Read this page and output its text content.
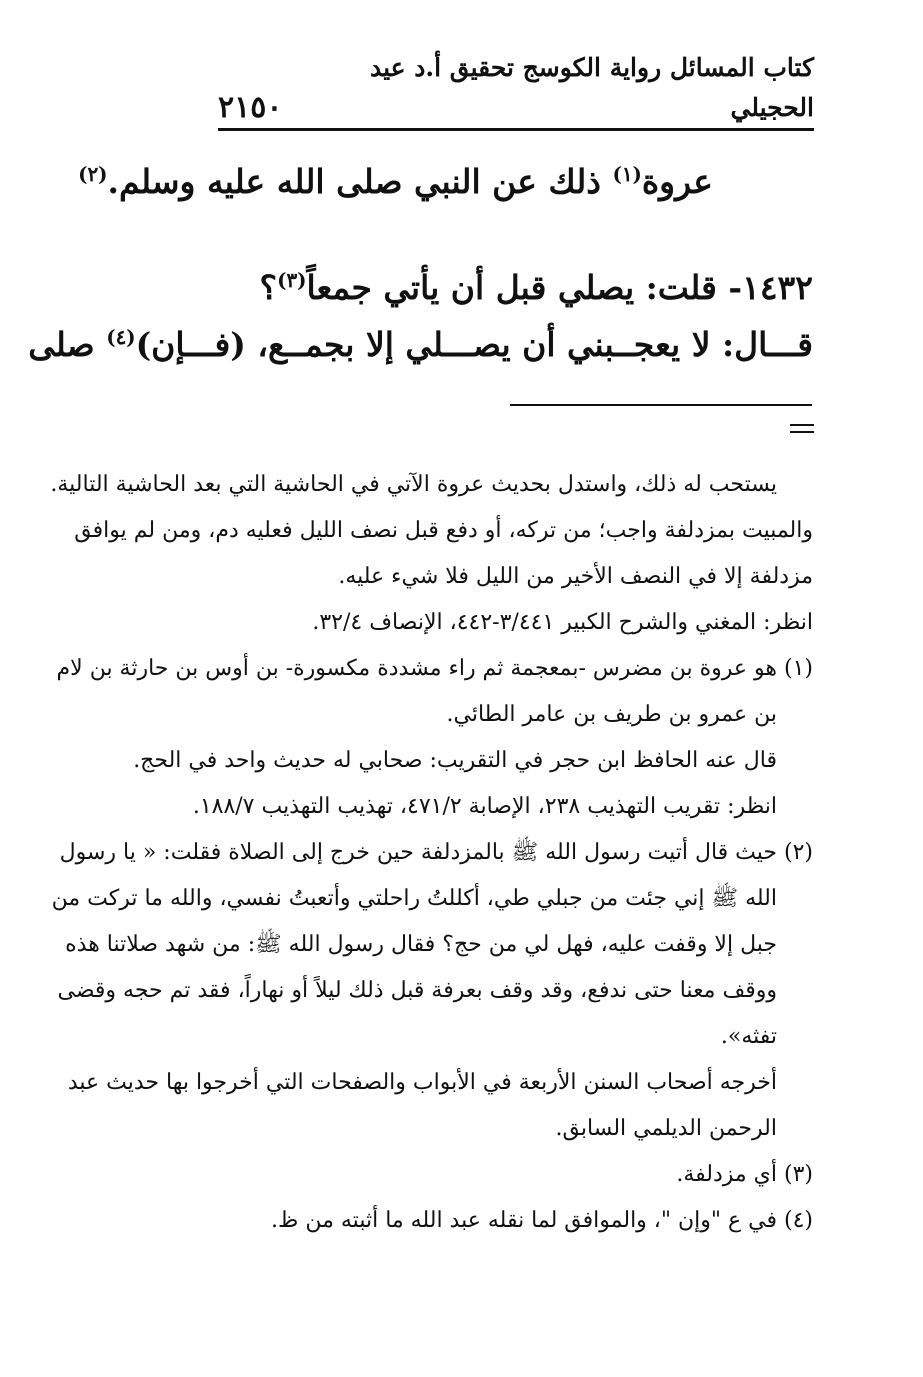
كتاب المسائل رواية الكوسج تحقيق أ.د عيد الحجيلي
٢١٥٠
عروة$^{(١)}$ ذلك عن النبي صلى الله عليه وسلم.$^{(٢)}$
١٤٣٢- قلت: يصلي قبل أن يأتي جمعاً$^{(٣)}$؟
قـــال: لا يعجــبني أن يصـــلي إلا بجمــع، (فـــإن)$^{(٤)}$ صلى
يستحب له ذلك، واستدل بحديث عروة الآتي في الحاشية التي بعد الحاشية التالية.
والمبيت بمزدلفة واجب؛ من تركه، أو دفع قبل نصف الليل فعليه دم، ومن لم يوافق
مزدلفة إلا في النصف الأخير من الليل فلا شيء عليه.
انظر: المغني والشرح الكبير ٣/٤٤١-٤٤٢، الإنصاف ٣٢/٤.
(١) هو عروة بن مضرس -بمعجمة ثم راء مشددة مكسورة- بن أوس بن حارثة بن لام
بن عمرو بن طريف بن عامر الطائي.
قال عنه الحافظ ابن حجر في التقريب: صحابي له حديث واحد في الحج.
انظر: تقريب التهذيب ٢٣٨، الإصابة ٤٧١/٢، تهذيب التهذيب ١٨٨/٧.
(٢) حيث قال أتيت رسول الله ﷺ بالمزدلفة حين خرج إلى الصلاة فقلت: « يا رسول
الله ﷺ إني جئت من جبلي طي، أكللتُ راحلتي وأتعبتُ نفسي، والله ما تركت من
جبل إلا وقفت عليه، فهل لي من حج؟ فقال رسول الله ﷺ: من شهد صلاتنا هذه
ووقف معنا حتى ندفع، وقد وقف بعرفة قبل ذلك ليلاً أو نهاراً، فقد تم حجه وقضى
تفثه».
أخرجه أصحاب السنن الأربعة في الأبواب والصفحات التي أخرجوا بها حديث عبد
الرحمن الديلمي السابق.
(٣) أي مزدلفة.
(٤) في ع "وإن "، والموافق لما نقله عبد الله ما أثبته من ظ.
